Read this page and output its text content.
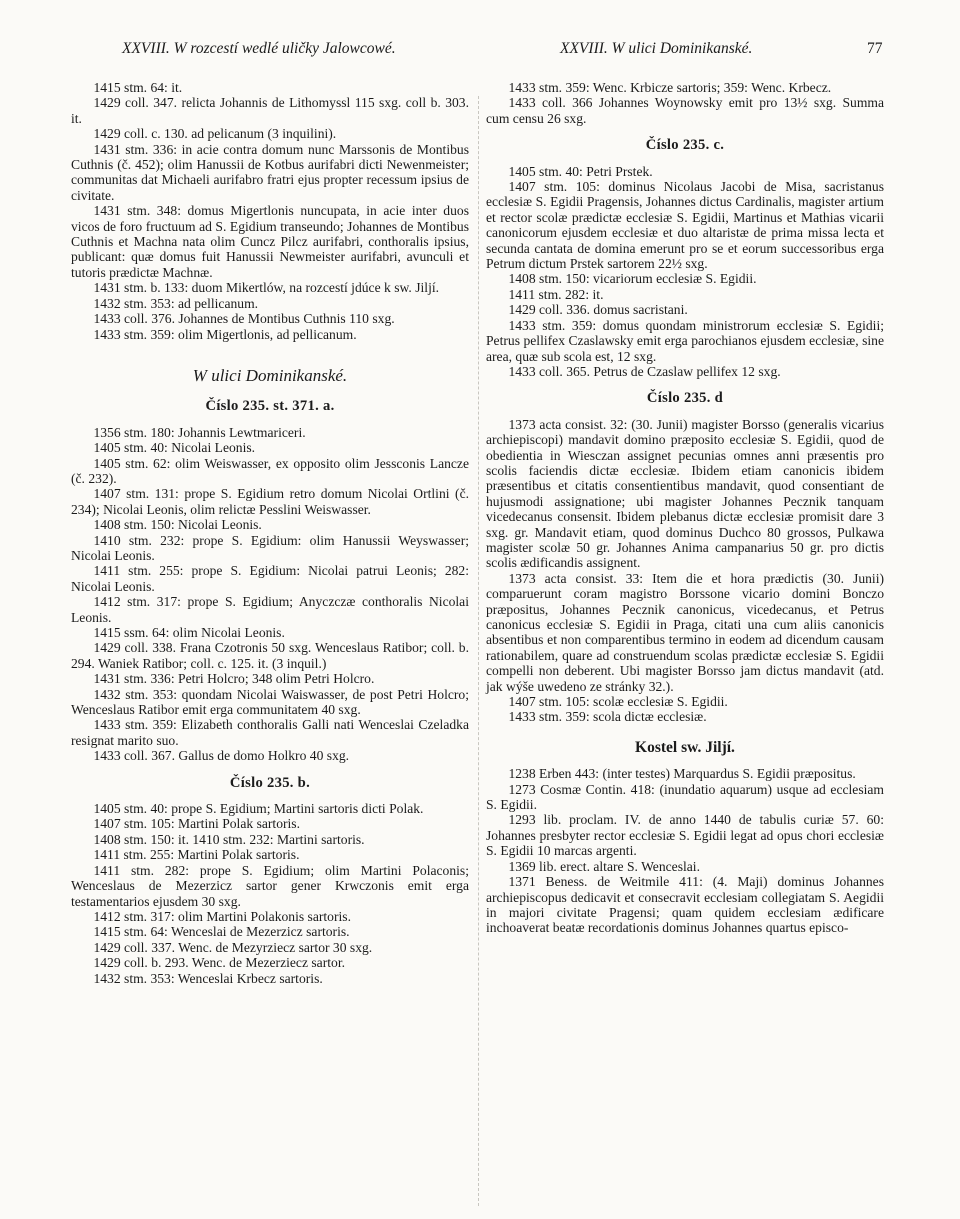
XXVIII. W rozcestí wedlé uličky Jalowcowé.	XXVIII. W ulici Dominikanské.	77

1415 stm. 64: it.

1429 coll. 347. relicta Johannis de Lithomyssl 115 sxg. coll b. 303. it.

1429 coll. c. 130. ad pelicanum (3 inquilini).

1431 stm. 336: in acie contra domum nunc Marssonis de Montibus Cuthnis (č. 452); olim Hanussii de Kotbus aurifabri dicti Newenmeister; communitas dat Michaeli aurifabro fratri ejus propter recessum ipsius de civitate.

1431 stm. 348: domus Migertlonis nuncupata, in acie inter duos vicos de foro fructuum ad S. Egidium transeundo; Johannes de Montibus Cuthnis et Machna nata olim Cuncz Pilcz aurifabri, conthoralis ipsius, publicant: quæ domus fuit Hanussii Newmeister aurifabri, avunculi et tutoris prædictæ Machnæ.

1431 stm. b. 133: duom Mikertlów, na rozcestí jdúce k sw. Jiljí.

1432 stm. 353: ad pellicanum.

1433 coll. 376. Johannes de Montibus Cuthnis 110 sxg.

1433 stm. 359: olim Migertlonis, ad pellicanum.

W ulici Dominikanské.
Číslo 235. st. 371. a.

1356 stm. 180: Johannis Lewtmariceri.

1405 stm. 40: Nicolai Leonis.

1405 stm. 62: olim Weiswasser, ex opposito olim Jessconis Lancze (č. 232).

1407 stm. 131: prope S. Egidium retro domum Nicolai Ortlini (č. 234); Nicolai Leonis, olim relictæ Pesslini Weiswasser.

1408 stm. 150: Nicolai Leonis.

1410 stm. 232: prope S. Egidium: olim Hanussii Weyswasser; Nicolai Leonis.

1411 stm. 255: prope S. Egidium: Nicolai patrui Leonis; 282: Nicolai Leonis.

1412 stm. 317: prope S. Egidium; Anyczczæ conthoralis Nicolai Leonis.

1415 ssm. 64: olim Nicolai Leonis.

1429 coll. 338. Frana Czotronis 50 sxg. Wenceslaus Ratibor; coll. b. 294. Waniek Ratibor; coll. c. 125. it. (3 inquil.)

1431 stm. 336: Petri Holcro; 348 olim Petri Holcro.

1432 stm. 353: quondam Nicolai Waiswasser, de post Petri Holcro; Wenceslaus Ratibor emit erga communitatem 40 sxg.

1433 stm. 359: Elizabeth conthoralis Galli nati Wenceslai Czeladka resignat marito suo.

1433 coll. 367. Gallus de domo Holkro 40 sxg.

Číslo 235. b.

1405 stm. 40: prope S. Egidium; Martini sartoris dicti Polak.

1407 stm. 105: Martini Polak sartoris.

1408 stm. 150: it. 1410 stm. 232: Martini sartoris.

1411 stm. 255: Martini Polak sartoris.

1411 stm. 282: prope S. Egidium; olim Martini Polaconis; Wenceslaus de Mezerzicz sartor gener Krwczonis emit erga testamentarios ejusdem 30 sxg.

1412 stm. 317: olim Martini Polakonis sartoris.

1415 stm. 64: Wenceslai de Mezerzicz sartoris.

1429 coll. 337. Wenc. de Mezyrziecz sartor 30 sxg.

1429 coll. b. 293. Wenc. de Mezerziecz sartor.

1432 stm. 353: Wenceslai Krbecz sartoris.

1433 stm. 359: Wenc. Krbicze sartoris; 359: Wenc. Krbecz.

1433 coll. 366 Johannes Woynowsky emit pro 13½ sxg. Summa cum censu 26 sxg.

Číslo 235. c.

1405 stm. 40: Petri Prstek.

1407 stm. 105: dominus Nicolaus Jacobi de Misa, sacristanus ecclesiæ S. Egidii Pragensis, Johannes dictus Cardinalis, magister artium et rector scolæ prædictæ ecclesiæ S. Egidii, Martinus et Mathias vicarii canonicorum ejusdem ecclesiæ et duo altaristæ de prima missa lecta et secunda cantata de domina emerunt pro se et eorum successoribus erga Petrum dictum Prstek sartorem 22½ sxg.

1408 stm. 150: vicariorum ecclesiæ S. Egidii.

1411 stm. 282: it.

1429 coll. 336. domus sacristani.

1433 stm. 359: domus quondam ministrorum ecclesiæ S. Egidii; Petrus pellifex Czaslawsky emit erga parochianos ejusdem ecclesiæ, sine area, quæ sub scola est, 12 sxg.

1433 coll. 365. Petrus de Czaslaw pellifex 12 sxg.

Číslo 235. d

1373 acta consist. 32: (30. Junii) magister Borsso (generalis vicarius archiepiscopi) mandavit domino præposito ecclesiæ S. Egidii, quod de obedientia in Wiesczan assignet pecunias omnes anni præsentis pro scolis faciendis dictæ ecclesiæ. Ibidem etiam canonicis ibidem præsentibus et citatis consentientibus mandavit, quod consentiant de hujusmodi assignatione; ubi magister Johannes Pecznik tanquam vicedecanus consensit. Ibidem plebanus dictæ ecclesiæ promisit dare 3 sxg. gr. Mandavit etiam, quod dominus Duchco 80 grossos, Pulkawa magister scolæ 50 gr. Johannes Anima campanarius 50 gr. pro dictis scolis ædificandis assignent.

1373 acta consist. 33: Item die et hora prædictis (30. Junii) comparuerunt coram magistro Borssone vicario domini Bonczo præpositus, Johannes Pecznik canonicus, vicedecanus, et Petrus canonicus ecclesiæ S. Egidii in Praga, citati una cum aliis canonicis absentibus et non comparentibus termino in eodem ad dicendum causam rationabilem, quare ad construendum scolas prædictæ ecclesiæ S. Egidii compelli non deberent. Ubi magister Borsso jam dictus mandavit (atd. jak wýše uwedeno ze stránky 32.).

1407 stm. 105: scolæ ecclesiæ S. Egidii.

1433 stm. 359: scola dictæ ecclesiæ.

Kostel sw. Jiljí.

1238 Erben 443: (inter testes) Marquardus S. Egidii præpositus.

1273 Cosmæ Contin. 418: (inundatio aquarum) usque ad ecclesiam S. Egidii.

1293 lib. proclam. IV. de anno 1440 de tabulis curiæ 57. 60: Johannes presbyter rector ecclesiæ S. Egidii legat ad opus chori ecclesiæ S. Egidii 10 marcas argenti.

1369 lib. erect. altare S. Wenceslai.

1371 Beness. de Weitmile 411: (4. Maji) dominus Johannes archiepiscopus dedicavit et consecravit ecclesiam collegiatam S. Aegidii in majori civitate Pragensi; quam quidem ecclesiam ædificare inchoaverat beatæ recordationis dominus Johannes quartus episco-
